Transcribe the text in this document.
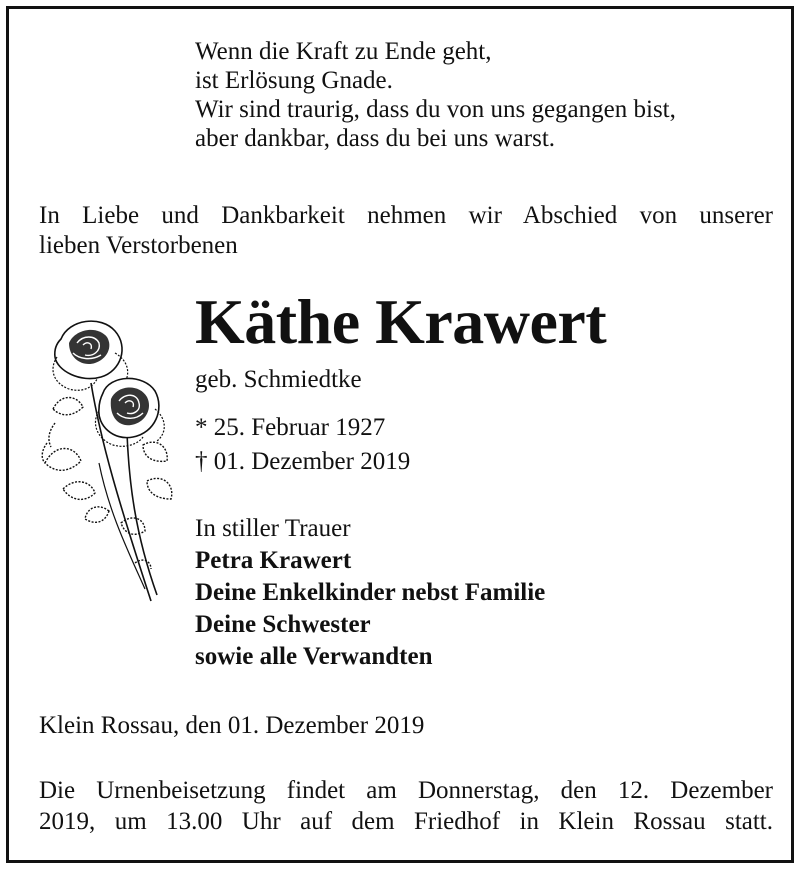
Wenn die Kraft zu Ende geht,
ist Erlösung Gnade.
Wir sind traurig, dass du von uns gegangen bist,
aber dankbar, dass du bei uns warst.
In Liebe und Dankbarkeit nehmen wir Abschied von unserer
lieben Verstorbenen
Käthe Krawert
geb. Schmiedtke
* 25. Februar 1927
† 01. Dezember 2019
In stiller Trauer
Petra Krawert
Deine Enkelkinder nebst Familie
Deine Schwester
sowie alle Verwandten
Klein Rossau, den 01. Dezember 2019
Die Urnenbeisetzung findet am Donnerstag, den 12. Dezember
2019, um 13.00 Uhr auf dem Friedhof in Klein Rossau statt.
